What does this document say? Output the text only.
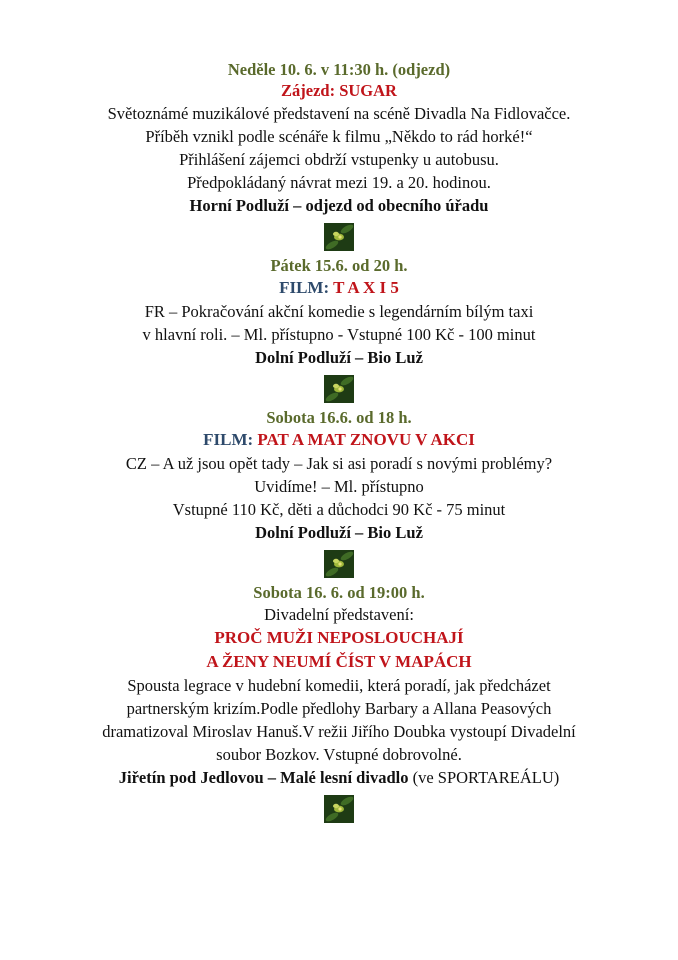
Neděle 10. 6. v 11:30 h. (odjezd)
Zájezd: SUGAR
Světoznámé muzikálové představení na scéně Divadla Na Fidlovačce.
Příběh vznikl podle scénáře k filmu „Někdo to rád horké!“
Přihlášení zájemci obdrží vstupenky u autobusu.
Předpokládaný návrat mezi 19. a 20. hodinou.
Horní Podluží – odjezd od obecního úřadu
Pátek 15.6. od 20 h.
FILM: T A X I 5
FR – Pokračování akční komedie s legendárním bílým taxi
v hlavní roli. – Ml. přístupno - Vstupné 100 Kč - 100 minut
Dolní Podluží – Bio Luž
Sobota 16.6. od 18 h.
FILM: PAT A MAT ZNOVU V AKCI
CZ – A už jsou opět tady – Jak si asi poradí s novými problémy?
Uvidíme! – Ml. přístupno
Vstupné 110 Kč, děti a důchodci 90 Kč - 75 minut
Dolní Podluží – Bio Luž
Sobota 16. 6. od 19:00 h.
Divadelní představení:
PROČ MUŽI NEPOSLOUCHAJÍ
A ŽENY NEUMÍ ČÍST V MAPÁCH
Spousta legrace v hudební komedii, která poradí, jak předcházet
partnerským krizím.Podle předlohy Barbary a Allana Peasových
dramatizoval Miroslav Hanuš.V režii Jiřího Doubka vystoupí Divadelní
soubor Bozkov. Vstupné dobrovolné.
Jiřetín pod Jedlovou – Malé lesní divadlo (ve SPORTAREÁLU)
